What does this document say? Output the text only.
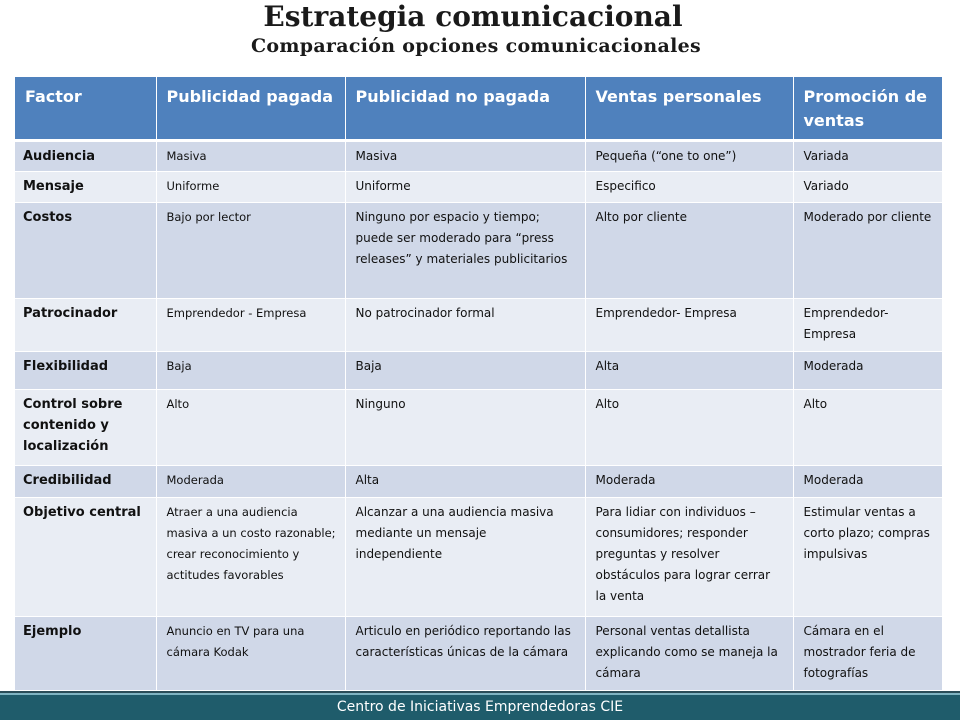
Estrategia comunicacional
Comparación opciones comunicacionales
Factor	Publicidad pagada	Publicidad no pagada	Ventas personales	Promoción de ventas
Audiencia	Masiva	Masiva	Pequeña (“one to one”)	Variada
Mensaje	Uniforme	Uniforme	Especifico	Variado
Costos	Bajo por lector	Ninguno por espacio y tiempo; puede ser moderado para “press releases” y materiales publicitarios	Alto por cliente	Moderado por cliente
Patrocinador	Emprendedor - Empresa	No patrocinador formal	Emprendedor- Empresa	Emprendedor- Empresa
Flexibilidad	Baja	Baja	Alta	Moderada
Control sobre contenido y localización	Alto	Ninguno	Alto	Alto
Credibilidad	Moderada	Alta	Moderada	Moderada
Objetivo central	Atraer a una audiencia masiva a un costo razonable; crear reconocimiento y actitudes favorables	Alcanzar a una audiencia masiva mediante un mensaje independiente	Para lidiar con individuos – consumidores; responder preguntas y resolver obstáculos para lograr cerrar la venta	Estimular ventas a corto plazo; compras impulsivas
Ejemplo	Anuncio en TV para una cámara Kodak	Articulo en periódico reportando las características únicas de la cámara	Personal ventas detallista explicando como se maneja la cámara	Cámara en el mostrador feria de fotografías
Centro de Iniciativas Emprendedoras CIE
